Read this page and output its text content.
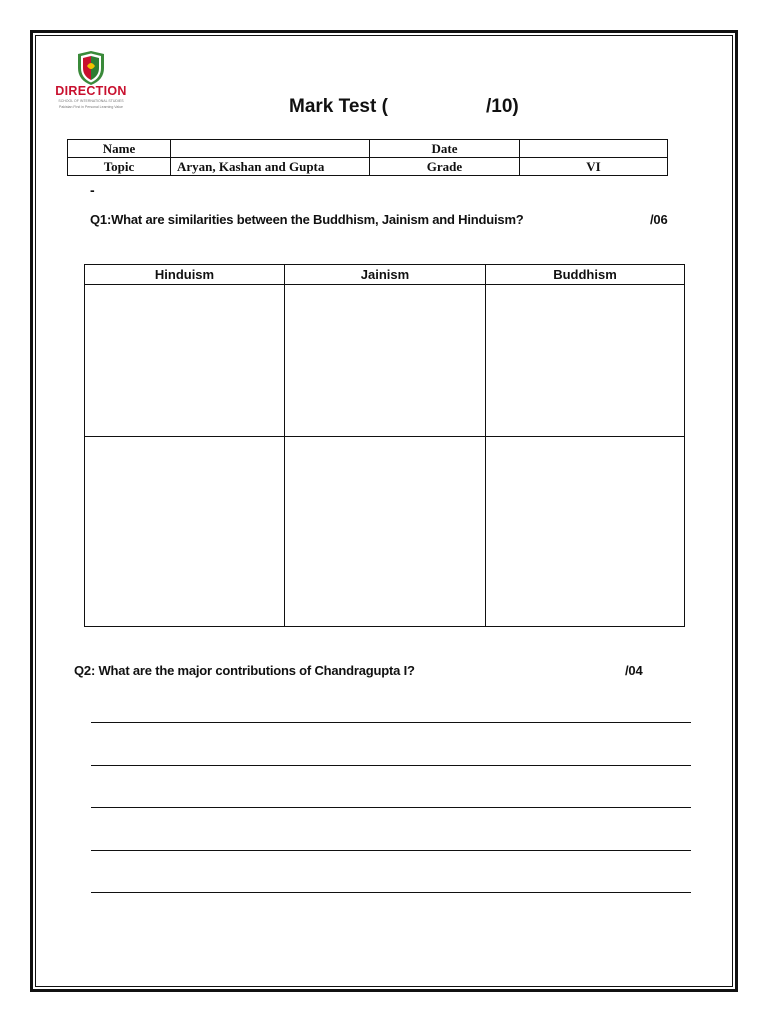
DIRECTION
SCHOOL OF INTERNATIONAL STUDIES
Pakistan First in Personal Learning Value	Mark Test (	/10)
Name		Date	
Topic	Aryan, Kashan and Gupta	Grade	VI
-
Q1:What are similarities between the Buddhism, Jainism and Hinduism?	/06
Hinduism	Jainism	Buddhism
Q2: What are the major contributions of Chandragupta I?	/04
